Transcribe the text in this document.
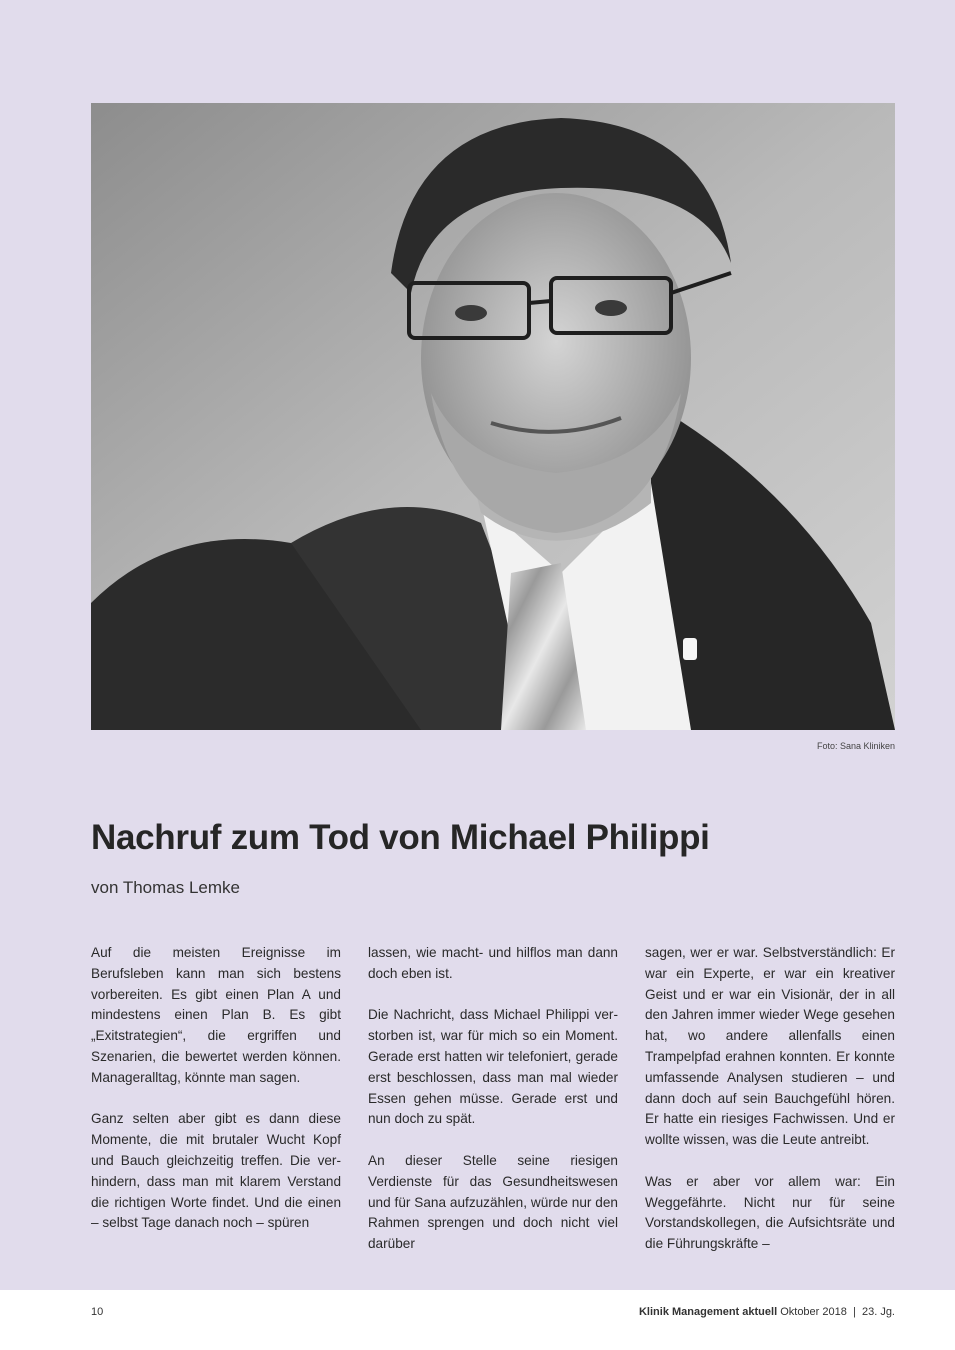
Foto: Sana Kliniken
Nachruf zum Tod von Michael Philippi
von Thomas Lemke

Auf die meisten Ereignisse im Berufsleben kann man sich bestens vorbereiten. Es gibt einen Plan A und mindestens einen Plan B. Es gibt „Exitstrategien“, die ergriffen und Szenarien, die bewertet werden können. Manageralltag, könnte man sagen.

Ganz selten aber gibt es dann diese Momente, die mit brutaler Wucht Kopf und Bauch gleichzeitig treffen. Die verhindern, dass man mit klarem Verstand die richtigen Worte findet. Und die einen – selbst Tage danach noch – spüren

lassen, wie macht- und hilflos man dann doch eben ist.

Die Nachricht, dass Michael Philippi verstorben ist, war für mich so ein Moment. Gerade erst hatten wir telefoniert, gerade erst beschlossen, dass man mal wieder Essen gehen müsse. Gerade erst und nun doch zu spät.

An dieser Stelle seine riesigen Verdienste für das Gesundheitswesen und für Sana aufzuzählen, würde nur den Rahmen sprengen und doch nicht viel darüber

sagen, wer er war. Selbstverständlich: Er war ein Experte, er war ein kreativer Geist und er war ein Visionär, der in all den Jahren immer wieder Wege gesehen hat, wo andere allenfalls einen Trampelpfad erahnen konnten. Er konnte umfassende Analysen studieren – und dann doch auf sein Bauchgefühl hören. Er hatte ein riesiges Fachwissen. Und er wollte wissen, was die Leute antreibt.

Was er aber vor allem war: Ein Weggefährte. Nicht nur für seine Vorstandskollegen, die Aufsichtsräte und die Führungskräfte –

10	Klinik Management aktuell Oktober 2018 | 23. Jg.
